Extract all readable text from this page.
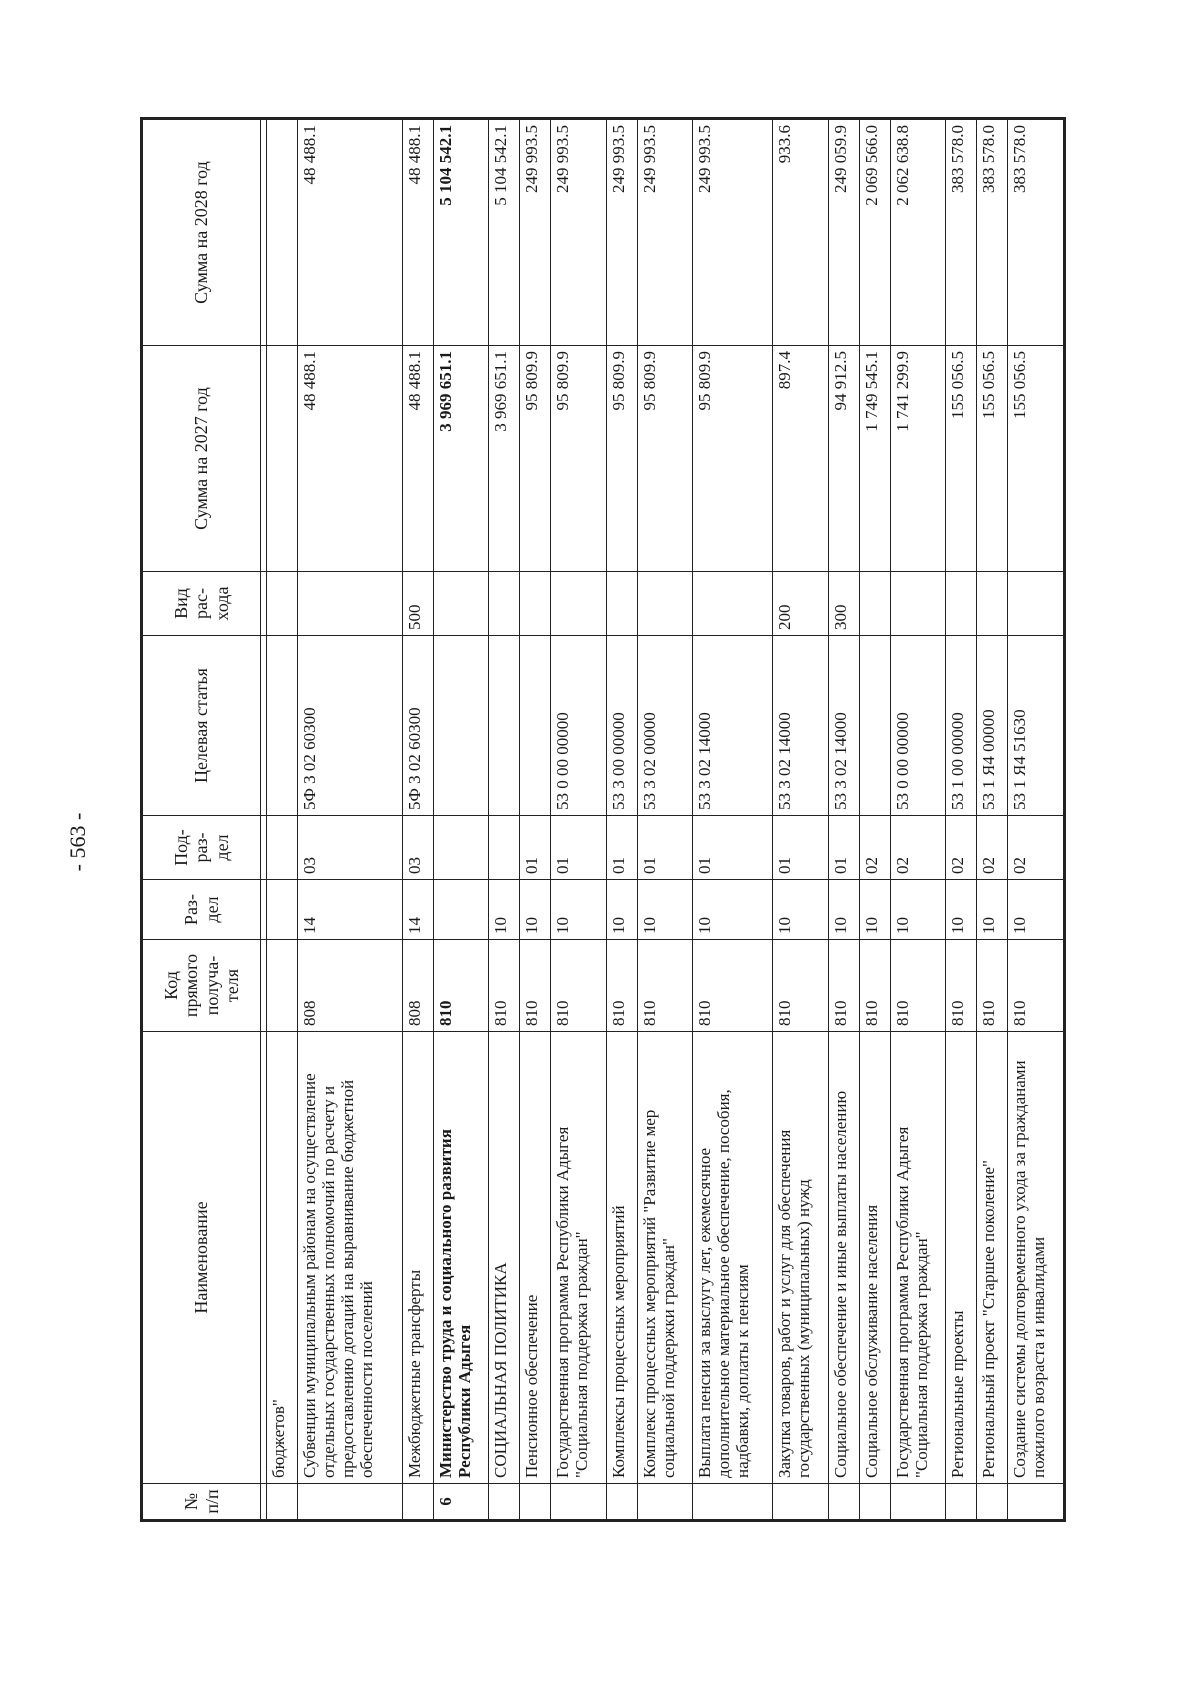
- 563 -
№ п/п	Наименование	Код прямого получа-теля	Раз-дел	Под-раз-дел	Целевая статья	Вид рас-хода	Сумма на 2027 год	Сумма на 2028 год

	бюджетов"							
	Субвенции муниципальным районам на осуществление отдельных государственных полномочий по расчету и предоставлению дотаций на выравнивание бюджетной обеспеченности поселений	808	14	03	5Ф 3 02 60300		48 488.1	48 488.1
	Межбюджетные трансферты	808	14	03	5Ф 3 02 60300	500	48 488.1	48 488.1
6	Министерство труда и социального развития Республики Адыгея	810					3 969 651.1	5 104 542.1
	СОЦИАЛЬНАЯ ПОЛИТИКА	810	10				3 969 651.1	5 104 542.1
	Пенсионное обеспечение	810	10	01			95 809.9	249 993.5
	Государственная программа Республики Адыгея "Социальная поддержка граждан"	810	10	01	53 0 00 00000		95 809.9	249 993.5
	Комплексы процессных мероприятий	810	10	01	53 3 00 00000		95 809.9	249 993.5
	Комплекс процессных мероприятий "Развитие мер социальной поддержки граждан"	810	10	01	53 3 02 00000		95 809.9	249 993.5
	Выплата пенсии за выслугу лет, ежемесячное дополнительное материальное обеспечение, пособия, надбавки, доплаты к пенсиям	810	10	01	53 3 02 14000		95 809.9	249 993.5
	Закупка товаров, работ и услуг для обеспечения государственных (муниципальных) нужд	810	10	01	53 3 02 14000	200	897.4	933.6
	Социальное обеспечение и иные выплаты населению	810	10	01	53 3 02 14000	300	94 912.5	249 059.9
	Социальное обслуживание населения	810	10	02			1 749 545.1	2 069 566.0
	Государственная программа Республики Адыгея "Социальная поддержка граждан"	810	10	02	53 0 00 00000		1 741 299.9	2 062 638.8
	Региональные проекты	810	10	02	53 1 00 00000		155 056.5	383 578.0
	Региональный проект "Старшее поколение"	810	10	02	53 1 Я4 00000		155 056.5	383 578.0
	Создание системы долговременного ухода за гражданами пожилого возраста и инвалидами	810	10	02	53 1 Я4 51630		155 056.5	383 578.0
